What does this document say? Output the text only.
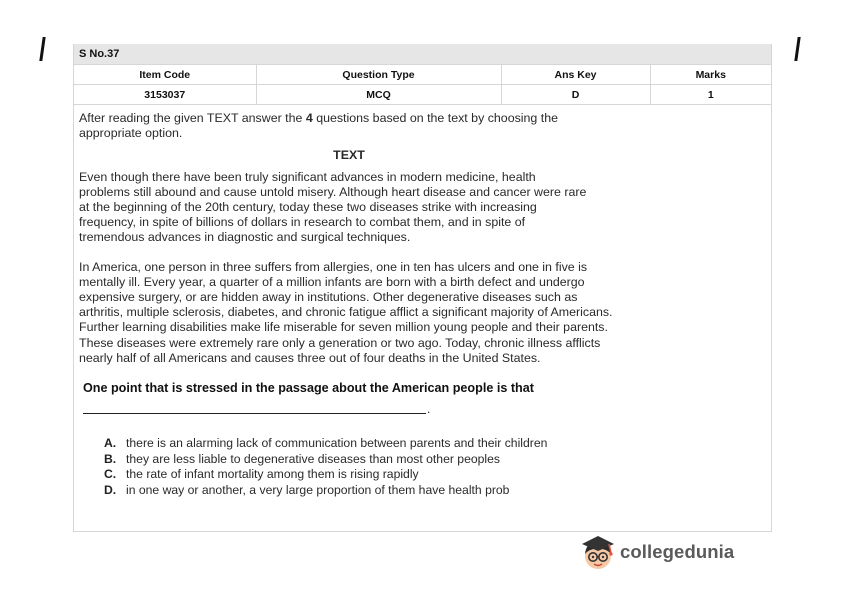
S No.37
Item Code	Question Type	Ans Key	Marks
3153037	MCQ	D	1

After reading the given TEXT answer the 4 questions based on the text by choosing the appropriate option.

TEXT

Even though there have been truly significant advances in modern medicine, health problems still abound and cause untold misery. Although heart disease and cancer were rare at the beginning of the 20th century, today these two diseases strike with increasing frequency, in spite of billions of dollars in research to combat them, and in spite of tremendous advances in diagnostic and surgical techniques.

In America, one person in three suffers from allergies, one in ten has ulcers and one in five is mentally ill. Every year, a quarter of a million infants are born with a birth defect and undergo expensive surgery, or are hidden away in institutions. Other degenerative diseases such as arthritis, multiple sclerosis, diabetes, and chronic fatigue afflict a significant majority of Americans. Further learning disabilities make life miserable for seven million young people and their parents. These diseases were extremely rare only a generation or two ago. Today, chronic illness afflicts nearly half of all Americans and causes three out of four deaths in the United States.

One point that is stressed in the passage about the American people is that
.
A. there is an alarming lack of communication between parents and their children
B. they are less liable to degenerative diseases than most other peoples
C. the rate of infant mortality among them is rising rapidly
D. in one way or another, a very large proportion of them have health prob
collegedunia
